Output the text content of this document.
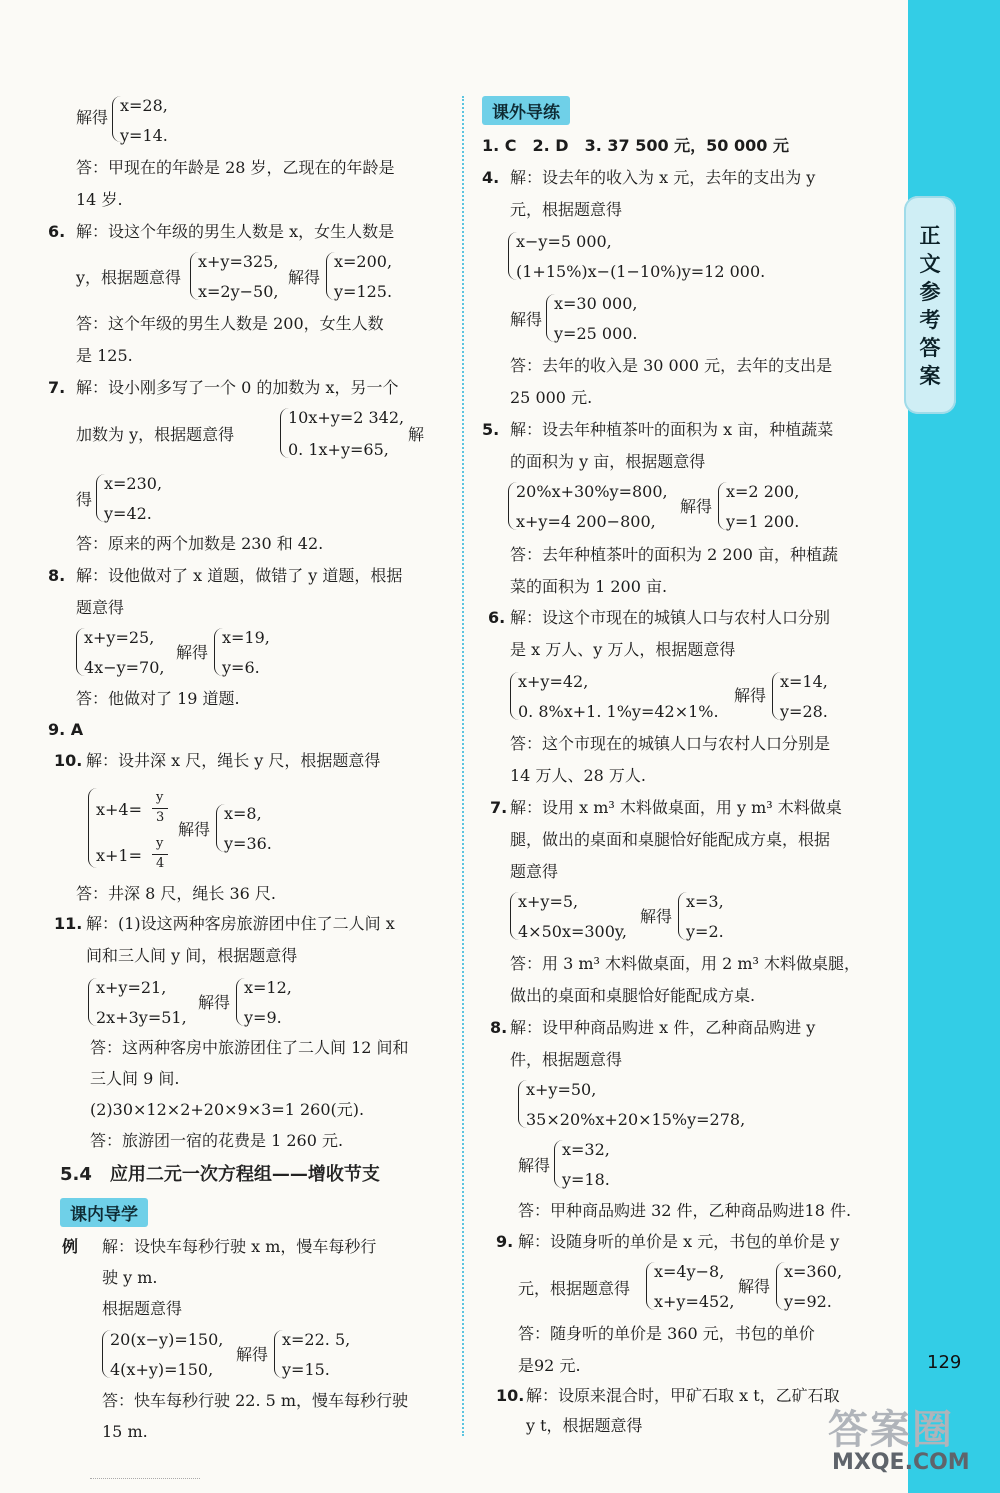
正
文
参
考
答
案
129
解得
x=28,
y=14.
答：甲现在的年龄是 28 岁，乙现在的年龄是
14 岁.
6. 解：设这个年级的男生人数是 x，女生人数是
y，根据题意得
x+y=325,
x=2y−50,
解得
x=200,
y=125.
答：这个年级的男生人数是 200，女生人数
是 125.
7. 解：设小刚多写了一个 0 的加数为 x，另一个
加数为 y，根据题意得
10x+y=2 342,
0. 1x+y=65,
解
得
x=230,
y=42.
答：原来的两个加数是 230 和 42.
8. 解：设他做对了 x 道题，做错了 y 道题，根据
题意得
x+y=25,
4x−y=70,
解得
x=19,
y=6.
答：他做对了 19 道题.
9. A
10. 解：设井深 x 尺，绳长 y 尺，根据题意得
x+4=
y
3
x+1=
y
4
解得
x=8,
y=36.
答：井深 8 尺，绳长 36 尺.
11. 解：(1)设这两种客房旅游团中住了二人间 x
间和三人间 y 间，根据题意得
x+y=21,
2x+3y=51,
解得
x=12,
y=9.
答：这两种客房中旅游团住了二人间 12 间和
三人间 9 间.
(2)30×12×2+20×9×3=1 260(元).
答：旅游团一宿的花费是 1 260 元.
5.4　应用二元一次方程组——增收节支
课内导学
例 解：设快车每秒行驶 x m，慢车每秒行
驶 y m.
根据题意得
20(x−y)=150,
4(x+y)=150,
解得
x=22. 5,
y=15.
答：快车每秒行驶 22. 5 m，慢车每秒行驶
15 m.
课外导练
1. C　2. D　3. 37 500 元，50 000 元
4. 解：设去年的收入为 x 元，去年的支出为 y
元，根据题意得
x−y=5 000,
(1+15%)x−(1−10%)y=12 000.
解得
x=30 000,
y=25 000.
答：去年的收入是 30 000 元，去年的支出是
25 000 元.
5. 解：设去年种植茶叶的面积为 x 亩，种植蔬菜
的面积为 y 亩，根据题意得
20%x+30%y=800,
x+y=4 200−800,
解得
x=2 200,
y=1 200.
答：去年种植茶叶的面积为 2 200 亩，种植蔬
菜的面积为 1 200 亩.
6. 解：设这个市现在的城镇人口与农村人口分别
是 x 万人、y 万人，根据题意得
x+y=42,
0. 8%x+1. 1%y=42×1%.
解得
x=14,
y=28.
答：这个市现在的城镇人口与农村人口分别是
14 万人、28 万人.
7. 解：设用 x m³ 木料做桌面，用 y m³ 木料做桌
腿，做出的桌面和桌腿恰好能配成方桌，根据
题意得
x+y=5,
4×50x=300y,
解得
x=3,
y=2.
答：用 3 m³ 木料做桌面，用 2 m³ 木料做桌腿，
做出的桌面和桌腿恰好能配成方桌.
8. 解：设甲种商品购进 x 件，乙种商品购进 y
件，根据题意得
x+y=50,
35×20%x+20×15%y=278,
解得
x=32,
y=18.
答：甲种商品购进 32 件，乙种商品购进18 件.
9. 解：设随身听的单价是 x 元，书包的单价是 y
元，根据题意得
x=4y−8,
x+y=452,
解得
x=360,
y=92.
答：随身听的单价是 360 元，书包的单价
是92 元.
10. 解：设原来混合时，甲矿石取 x t，乙矿石取
y t，根据题意得	答案圈
MXQE.COM
